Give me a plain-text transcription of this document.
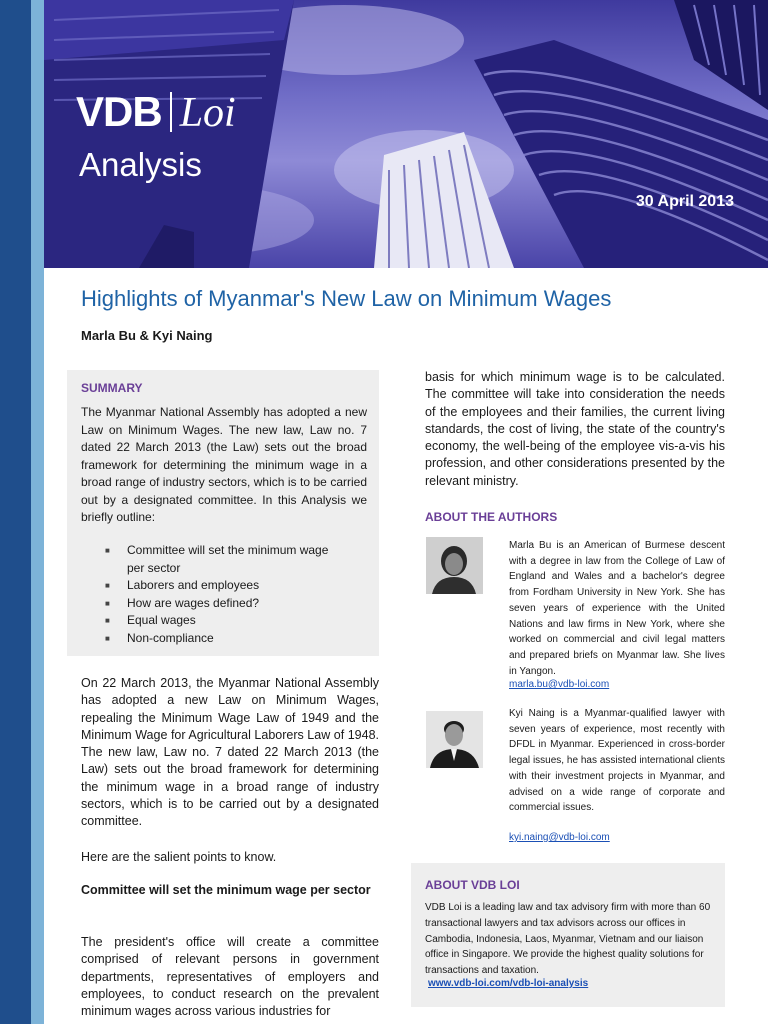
VDB Loi
Analysis
30 April 2013
Highlights of Myanmar's New Law on Minimum Wages
Marla Bu & Kyi Naing
SUMMARY
The Myanmar National Assembly has adopted a new Law on Minimum Wages. The new law, Law no. 7 dated 22 March 2013 (the Law) sets out the broad framework for determining the minimum wage in a broad range of industry sectors, which is to be carried out by a designated committee. In this Analysis we briefly outline:
■ Committee will set the minimum wage per sector
■ Laborers and employees
■ How are wages defined?
■ Equal wages
■ Non-compliance

On 22 March 2013, the Myanmar National Assembly has adopted a new Law on Minimum Wages, repealing the Minimum Wage Law of 1949 and the Minimum Wage for Agricultural Laborers Law of 1948. The new law, Law no. 7 dated 22 March 2013 (the Law) sets out the broad framework for determining the minimum wage in a broad range of industry sectors, which is to be carried out by a designated committee.

Here are the salient points to know.

Committee will set the minimum wage per sector

The president's office will create a committee comprised of relevant persons in government departments, representatives of employers and employees, to conduct research on the prevalent minimum wages across various industries for

basis for which minimum wage is to be calculated. The committee will take into consideration the needs of the employees and their families, the current living standards, the cost of living, the state of the country's economy, the well-being of the employee vis-a-vis his profession, and other considerations presented by the relevant ministry.

ABOUT THE AUTHORS

Marla Bu is an American of Burmese descent with a degree in law from the College of Law of England and Wales and a bachelor's degree from Fordham University in New York. She has seven years of experience with the United Nations and law firms in New York, where she worked on commercial and civil legal matters and prepared briefs on Myanmar law. She lives in Yangon.

marla.bu@vdb-loi.com

Kyi Naing is a Myanmar-qualified lawyer with seven years of experience, most recently with DFDL in Myanmar. Experienced in cross-border legal issues, he has assisted international clients with their investment projects in Myanmar, and advised on a wide range of corporate and commercial issues.

kyi.naing@vdb-loi.com
ABOUT VDB LOI

VDB Loi is a leading law and tax advisory firm with more than 60 transactional lawyers and tax advisors across our offices in Cambodia, Indonesia, Laos, Myanmar, Vietnam and our liaison office in Singapore. We provide the highest quality solutions for transactions and taxation.

www.vdb-loi.com/vdb-loi-analysis
